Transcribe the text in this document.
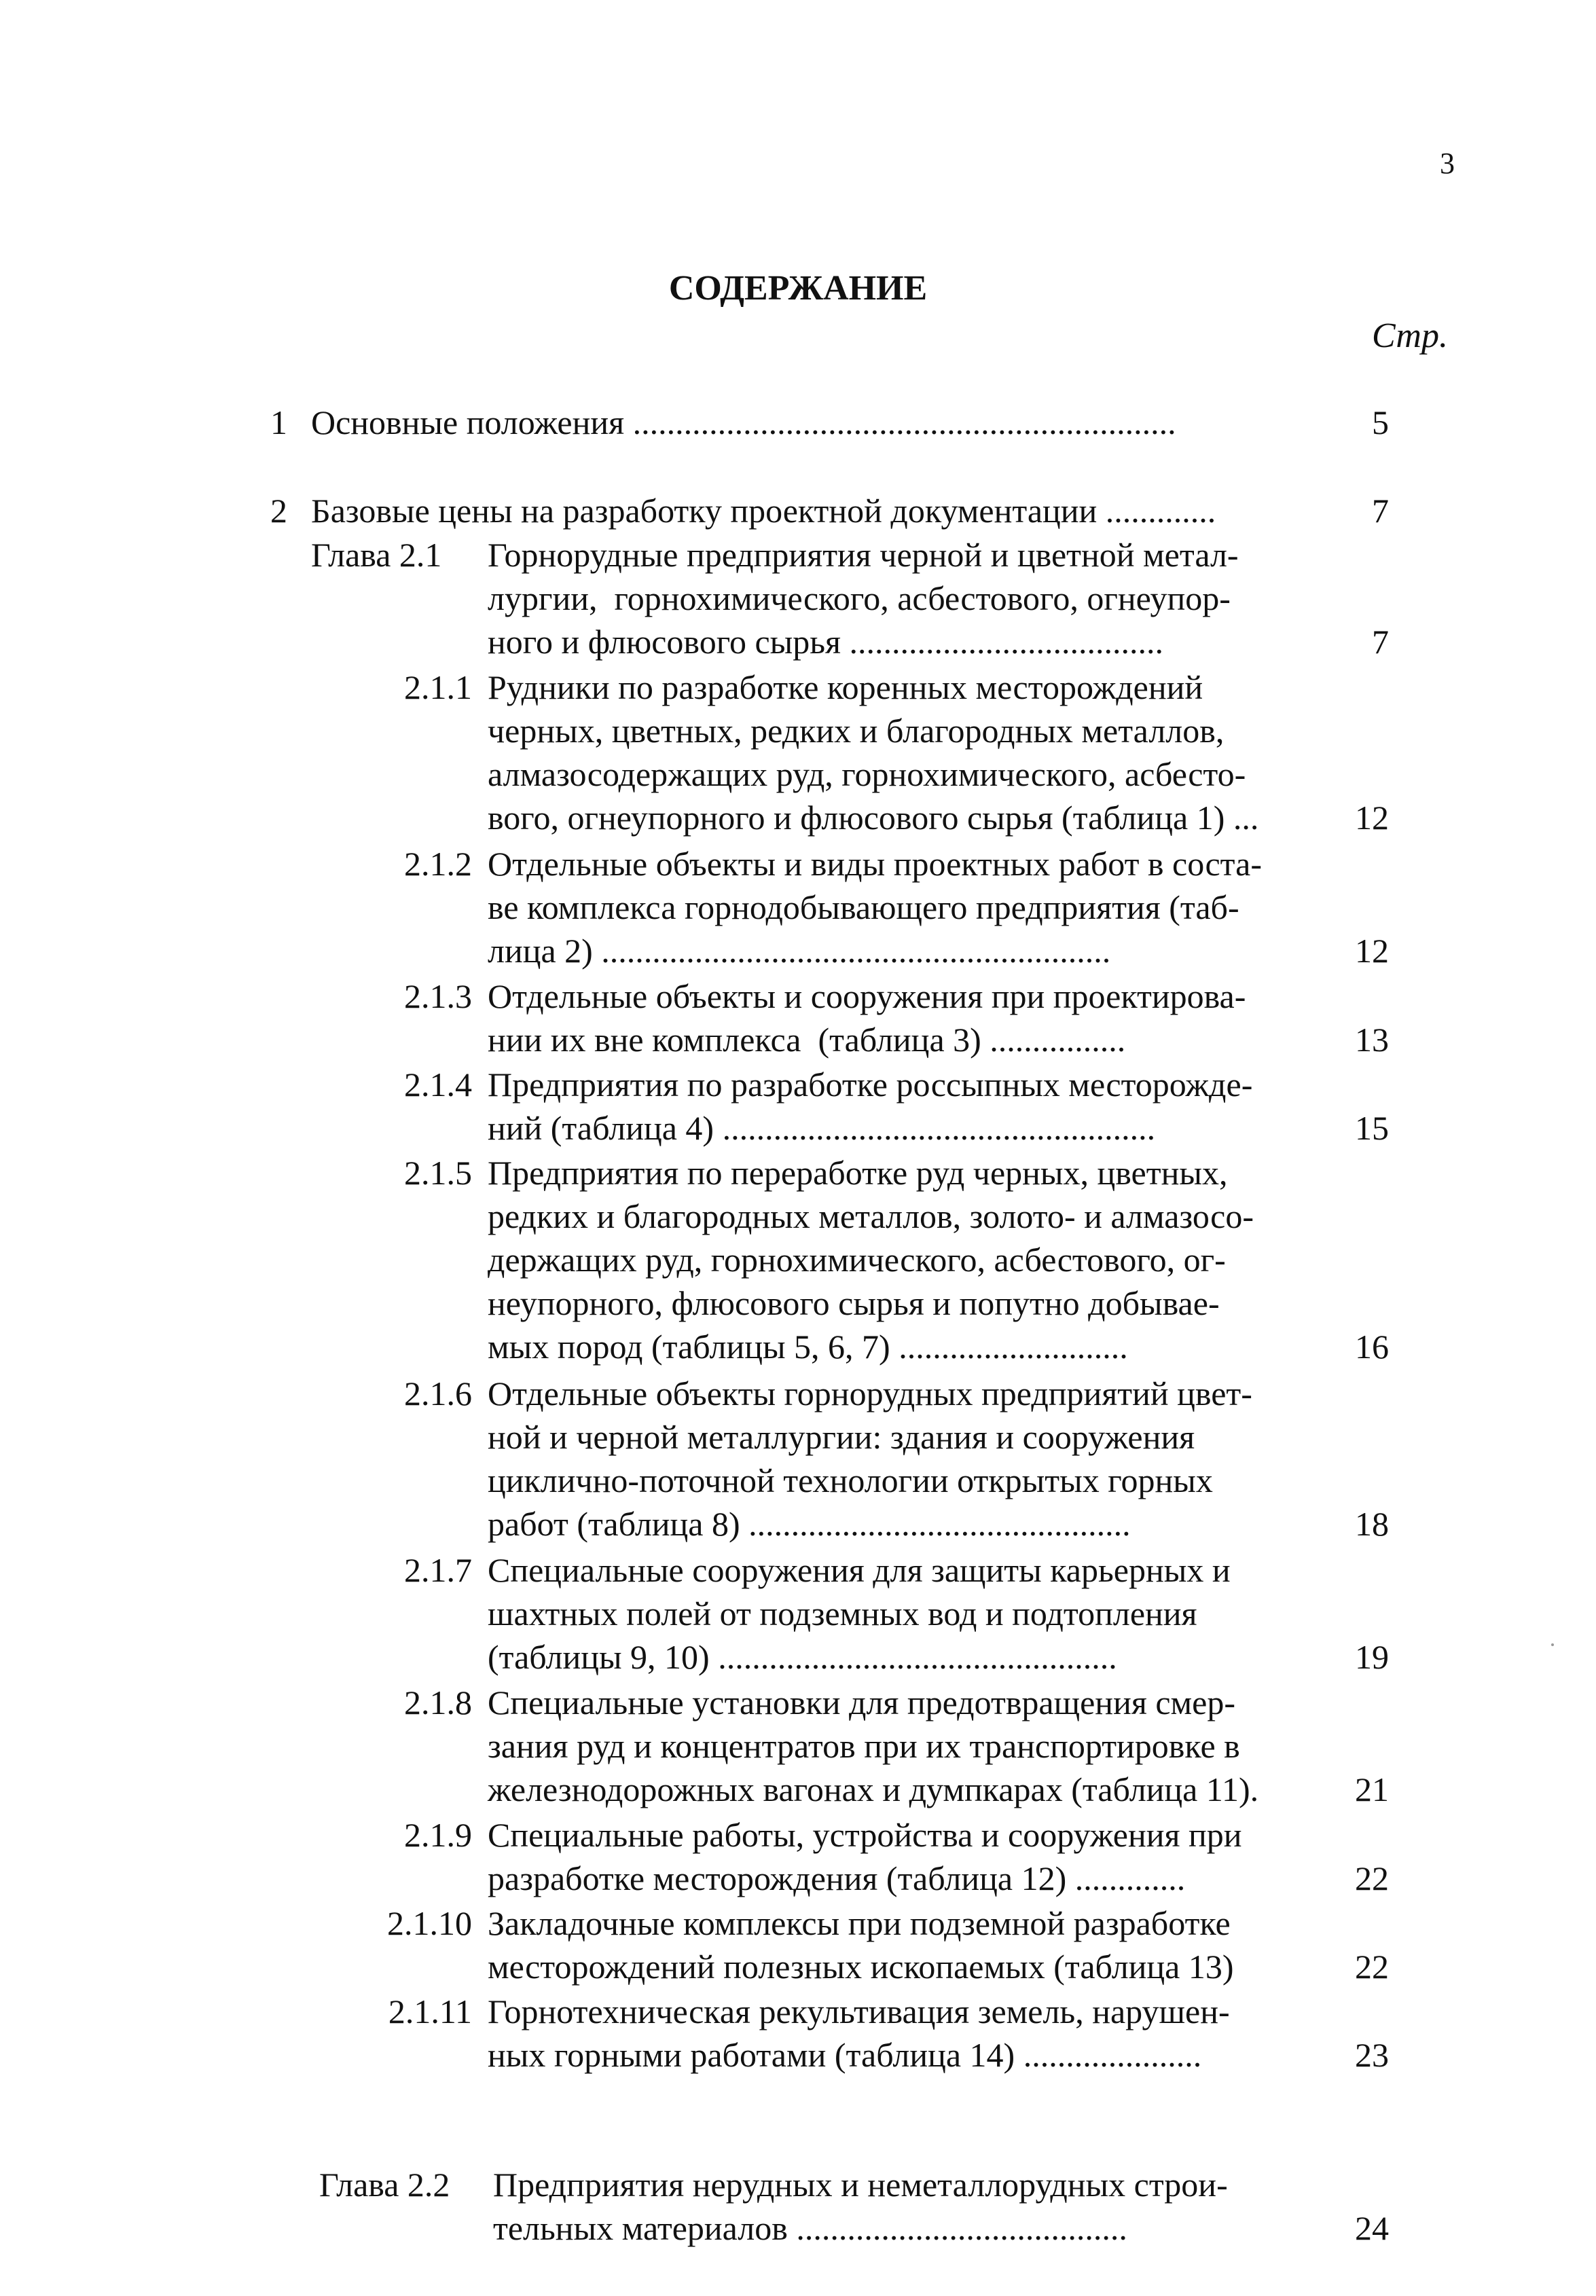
3
СОДЕРЖАНИЕ
Стр.
1 Основные положения ................................................................	5
2 Базовые цены на разработку проектной документации .............	7
Глава 2.1 Горнорудные предприятия черной и цветной метал-
лургии,  горнохимического, асбестового, огнеупор-
ного и флюсового сырья .....................................	7
2.1.1 Рудники по разработке коренных месторождений
черных, цветных, редких и благородных металлов,
алмазосодержащих руд, горнохимического, асбесто-
вого, огнеупорного и флюсового сырья (таблица 1) ...	12
2.1.2 Отдельные объекты и виды проектных работ в соста-
ве комплекса горнодобывающего предприятия (таб-
лица 2) ............................................................	12
2.1.3 Отдельные объекты и сооружения при проектирова-
нии их вне комплекса  (таблица 3) ................	13
2.1.4 Предприятия по разработке россыпных месторожде-
ний (таблица 4) ...................................................	15
2.1.5 Предприятия по переработке руд черных, цветных,
редких и благородных металлов, золото- и алмазосо-
держащих руд, горнохимического, асбестового, ог-
неупорного, флюсового сырья и попутно добывае-
мых пород (таблицы 5, 6, 7) ...........................	16
2.1.6 Отдельные объекты горнорудных предприятий цвет-
ной и черной металлургии: здания и сооружения
циклично-поточной технологии открытых горных
работ (таблица 8) .............................................	18
2.1.7 Специальные сооружения для защиты карьерных и
шахтных полей от подземных вод и подтопления
(таблицы 9, 10) ...............................................	19
2.1.8 Специальные установки для предотвращения смер-
зания руд и концентратов при их транспортировке в
железнодорожных вагонах и думпкарах (таблица 11).	21
2.1.9 Специальные работы, устройства и сооружения при
разработке месторождения (таблица 12) .............	22
2.1.10 Закладочные комплексы при подземной разработке
месторождений полезных ископаемых (таблица 13)	22
2.1.11 Горнотехническая рекультивация земель, нарушен-
ных горными работами (таблица 14) .....................	23
Глава 2.2 Предприятия нерудных и неметаллорудных строи-
тельных материалов .......................................	24
